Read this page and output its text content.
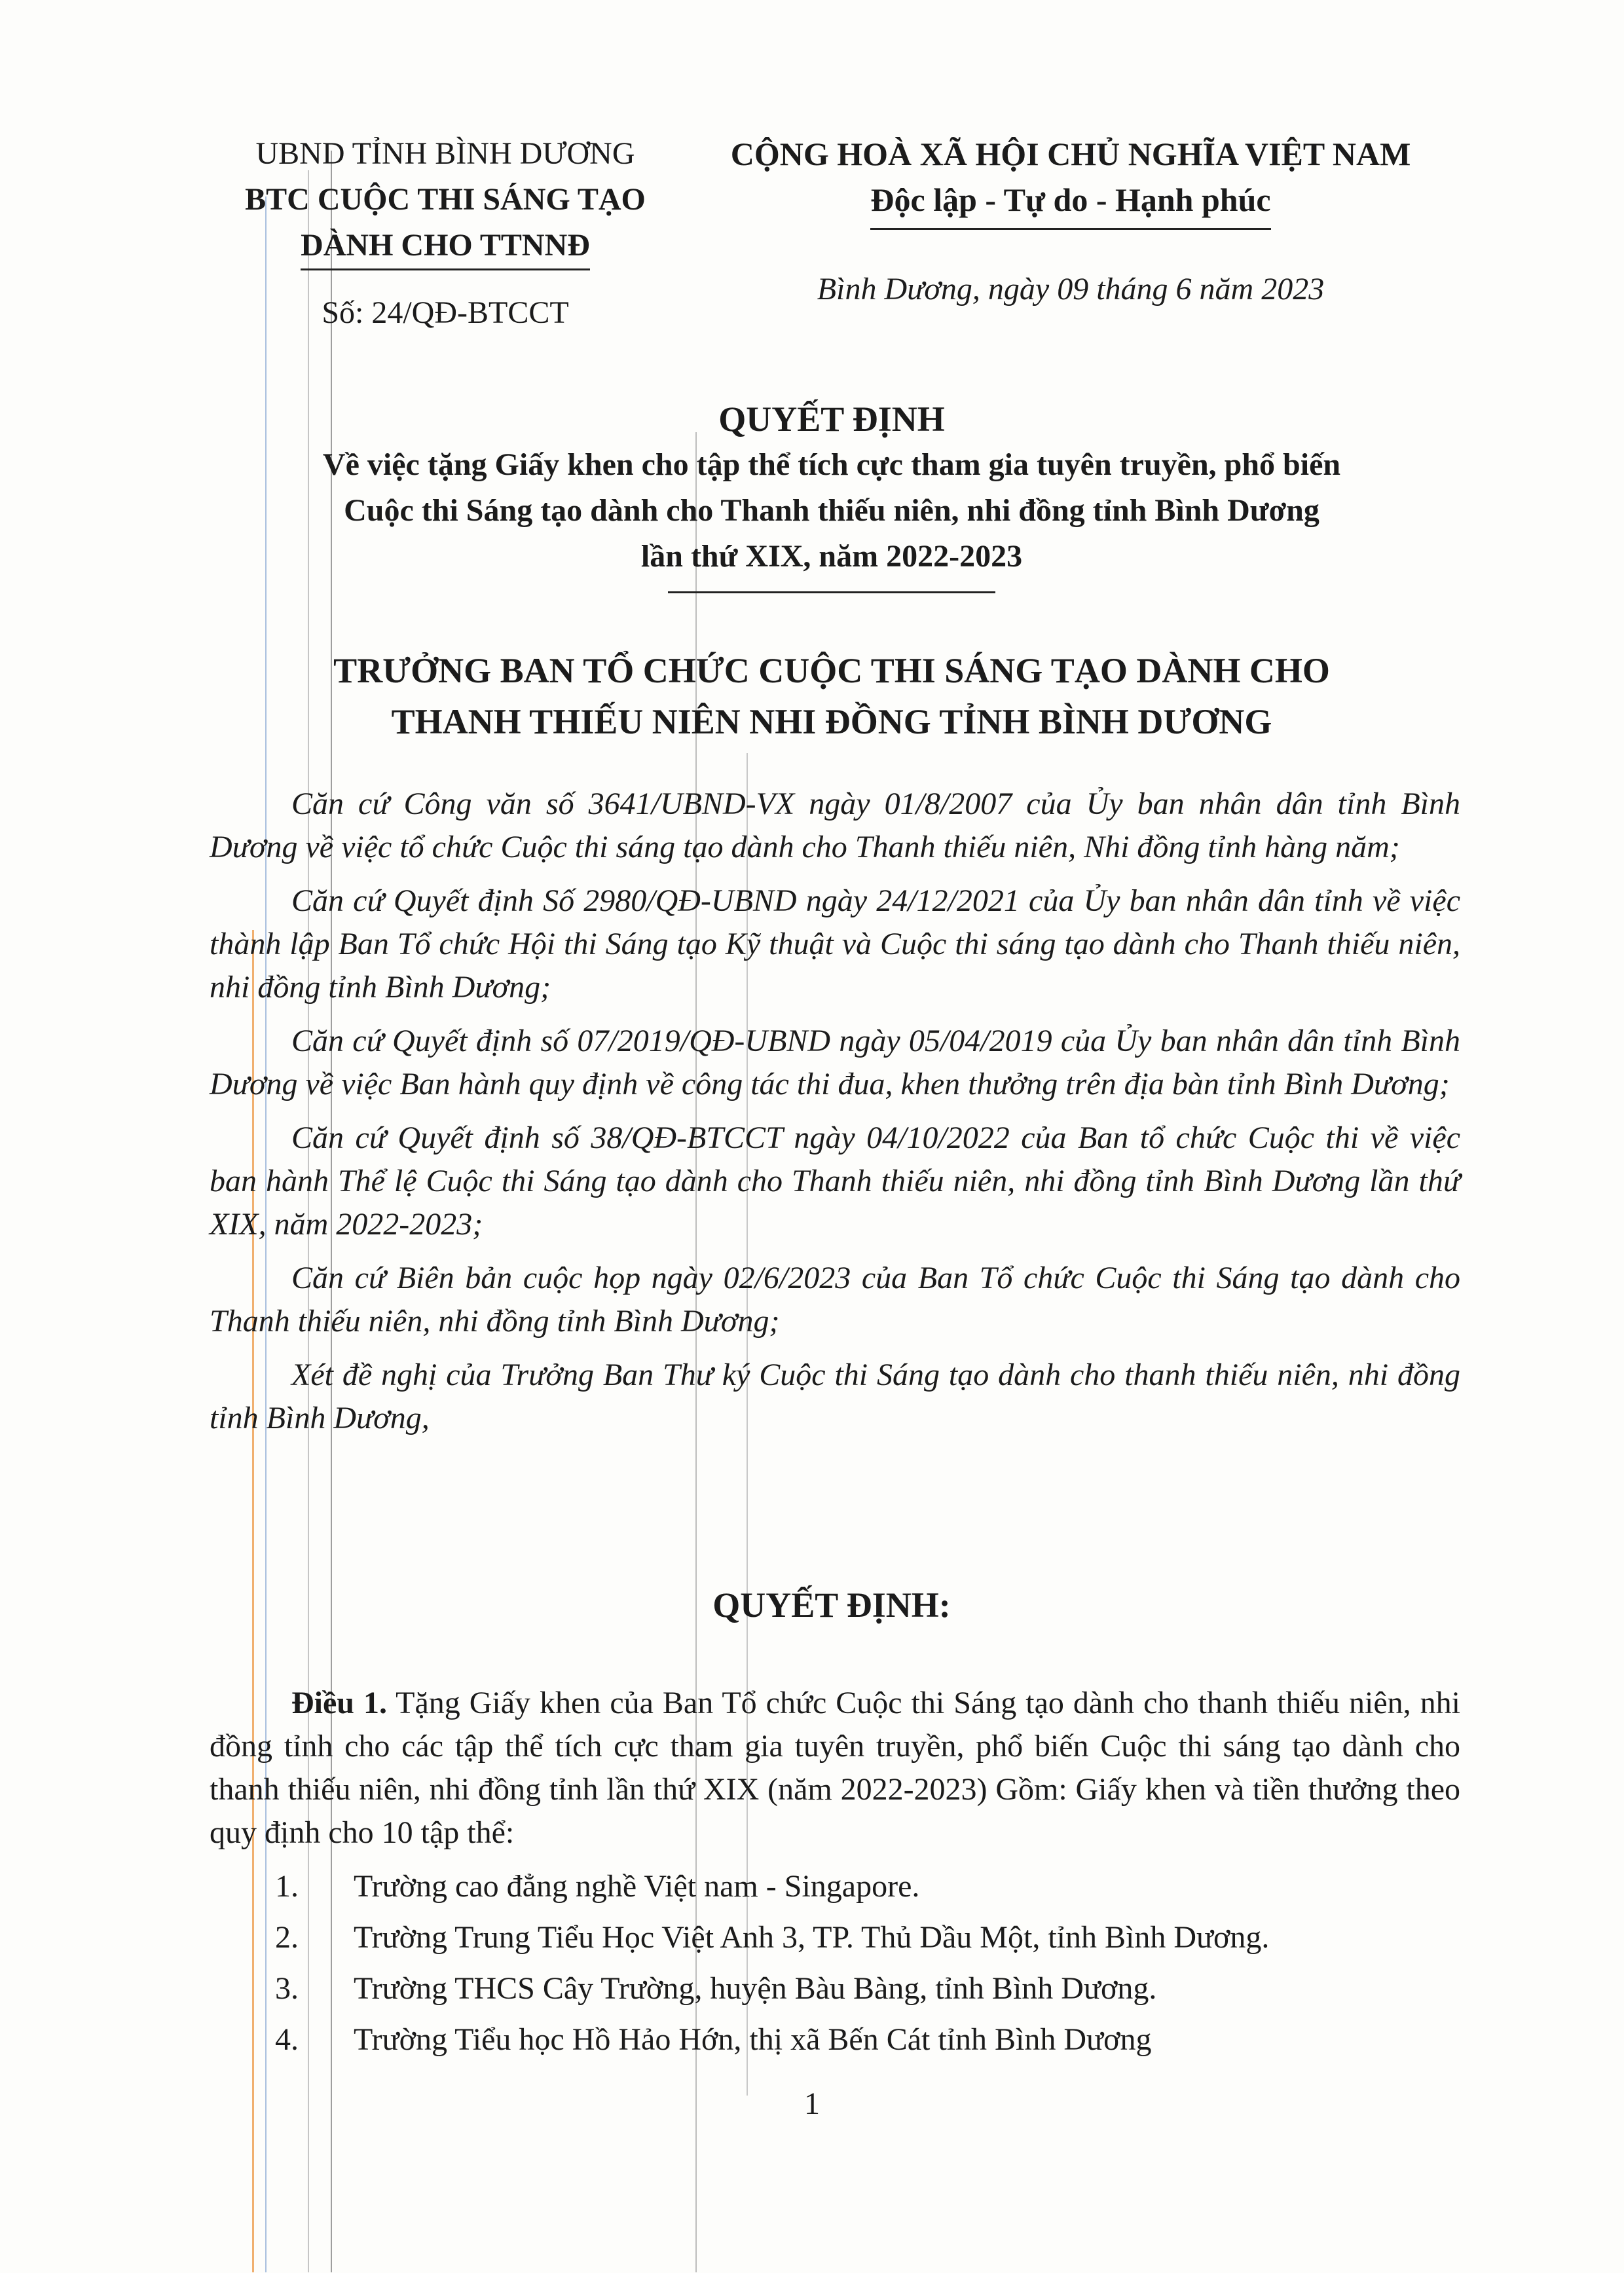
UBND TỈNH BÌNH DƯƠNG
BTC CUỘC THI SÁNG TẠO
DÀNH CHO TTNNĐ
Số: 24/QĐ-BTCCT
CỘNG HOÀ XÃ HỘI CHỦ NGHĨA VIỆT NAM
Độc lập - Tự do - Hạnh phúc
Bình Dương, ngày 09 tháng 6 năm 2023
QUYẾT ĐỊNH
Về việc tặng Giấy khen cho tập thể tích cực tham gia tuyên truyền, phổ biến
Cuộc thi Sáng tạo dành cho Thanh thiếu niên, nhi đồng tỉnh Bình Dương
lần thứ XIX, năm 2022-2023
TRƯỞNG BAN TỔ CHỨC CUỘC THI SÁNG TẠO DÀNH CHO
THANH THIẾU NIÊN NHI ĐỒNG TỈNH BÌNH DƯƠNG

Căn cứ Công văn số 3641/UBND-VX ngày 01/8/2007 của Ủy ban nhân dân tỉnh Bình Dương về việc tổ chức Cuộc thi sáng tạo dành cho Thanh thiếu niên, Nhi đồng tỉnh hàng năm;

Căn cứ Quyết định Số 2980/QĐ-UBND ngày 24/12/2021 của Ủy ban nhân dân tỉnh về việc thành lập Ban Tổ chức Hội thi Sáng tạo Kỹ thuật và Cuộc thi sáng tạo dành cho Thanh thiếu niên, nhi đồng tỉnh Bình Dương;

Căn cứ Quyết định số 07/2019/QĐ-UBND ngày 05/04/2019 của Ủy ban nhân dân tỉnh Bình Dương về việc Ban hành quy định về công tác thi đua, khen thưởng trên địa bàn tỉnh Bình Dương;

Căn cứ Quyết định số 38/QĐ-BTCCT ngày 04/10/2022 của Ban tổ chức Cuộc thi về việc ban hành Thể lệ Cuộc thi Sáng tạo dành cho Thanh thiếu niên, nhi đồng tỉnh Bình Dương lần thứ XIX, năm 2022-2023;

Căn cứ Biên bản cuộc họp ngày 02/6/2023 của Ban Tổ chức Cuộc thi Sáng tạo dành cho Thanh thiếu niên, nhi đồng tỉnh Bình Dương;

Xét đề nghị của Trưởng Ban Thư ký Cuộc thi Sáng tạo dành cho thanh thiếu niên, nhi đồng tỉnh Bình Dương,

QUYẾT ĐỊNH:

Điều 1. Tặng Giấy khen của Ban Tổ chức Cuộc thi Sáng tạo dành cho thanh thiếu niên, nhi đồng tỉnh cho các tập thể tích cực tham gia tuyên truyền, phổ biến Cuộc thi sáng tạo dành cho thanh thiếu niên, nhi đồng tỉnh lần thứ XIX (năm 2022-2023) Gồm: Giấy khen và tiền thưởng theo quy định cho 10 tập thể:

1.	Trường cao đẳng nghề Việt nam - Singapore.
2.	Trường Trung Tiểu Học Việt Anh 3, TP. Thủ Dầu Một, tỉnh Bình Dương.
3.	Trường THCS Cây Trường, huyện Bàu Bàng, tỉnh Bình Dương.
4.	Trường Tiểu học Hồ Hảo Hớn, thị xã Bến Cát tỉnh Bình Dương
1
